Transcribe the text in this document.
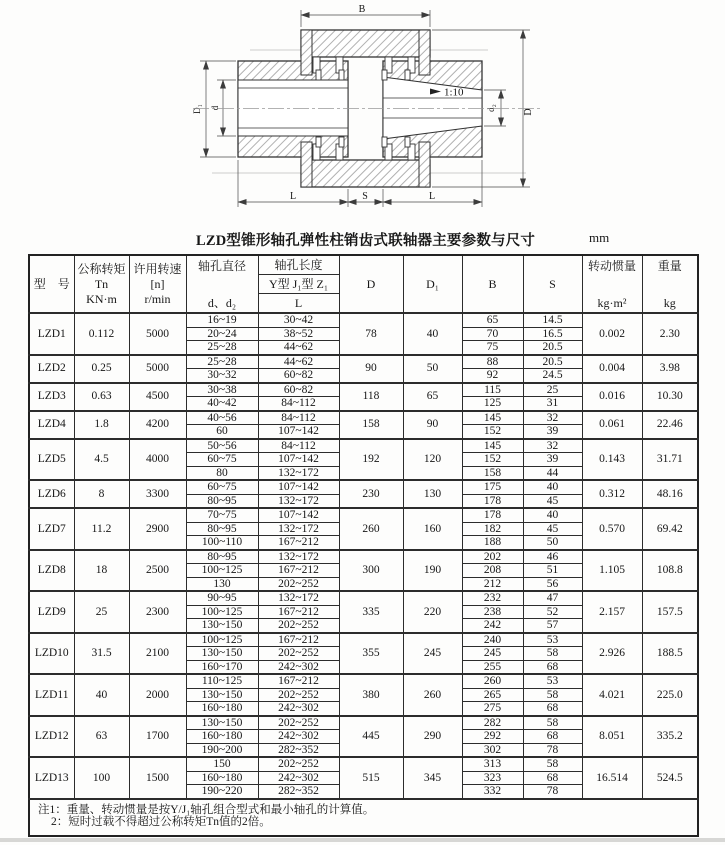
1:10
B
D
d₂
D₁ d
L	S	L
LZD型锥形轴孔弹性柱销齿式联轴器主要参数与尺寸	mm
型　号

公称转矩
Tn
KN·m

许用转速
[n]
r/min

轴孔直径
d、d₂

轴孔长度
Y型 J₁型 Z₁
L

D	D₁	B	S

转动惯量
kg·m²

重量
kg

LZD1	0.112	5000	16~19	30~42	78	40	65	14.5	0.002	2.30
			20~24	38~52			70	16.5		
			25~28	44~62			75	20.5		
LZD2	0.25	5000	25~28	44~62	90	50	88	20.5	0.004	3.98
			30~32	60~82			92	24.5		
LZD3	0.63	4500	30~38	60~82	118	65	115	25	0.016	10.30
			40~42	84~112			125	31		
LZD4	1.8	4200	40~56	84~112	158	90	145	32	0.061	22.46
			60	107~142			152	39		
LZD5	4.5	4000	50~56	84~112	192	120	145	32	0.143	31.71
			60~75	107~142			152	39		
			80	132~172			158	44		
LZD6	8	3300	60~75	107~142	230	130	175	40	0.312	48.16
			80~95	132~172			178	45		
LZD7	11.2	2900	70~75	107~142	260	160	178	40	0.570	69.42
			80~95	132~172			182	45		
			100~110	167~212			188	50		
LZD8	18	2500	80~95	132~172	300	190	202	46	1.105	108.8
			100~125	167~212			208	51		
			130	202~252			212	56		
LZD9	25	2300	90~95	132~172	335	220	232	47	2.157	157.5
			100~125	167~212			238	52		
			130~150	202~252			242	57		
LZD10	31.5	2100	100~125	167~212	355	245	240	53	2.926	188.5
			130~150	202~252			245	58		
			160~170	242~302			255	68		
LZD11	40	2000	110~125	167~212	380	260	260	53	4.021	225.0
			130~150	202~252			265	58		
			160~180	242~302			275	68		
LZD12	63	1700	130~150	202~252	445	290	282	58	8.051	335.2
			160~180	242~302			292	68		
			190~200	282~352			302	78		
LZD13	100	1500	150	202~252	515	345	313	58	16.514	524.5
			160~180	242~302			323	68		
			190~220	282~352			332	78		

注1：重量、转动惯量是按Y/J₁轴孔组合型式和最小轴孔的计算值。
2：短时过载不得超过公称转矩Tn值的2倍。										
